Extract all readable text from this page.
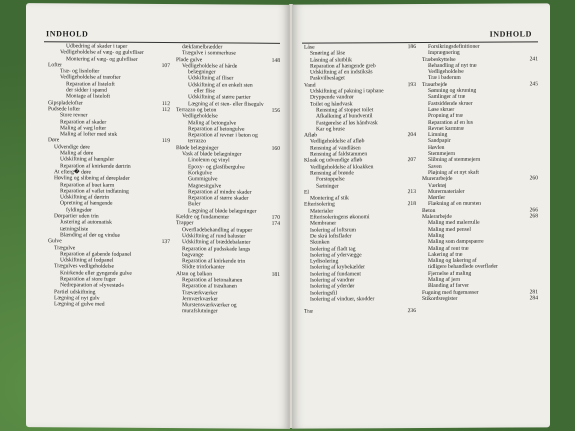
INDHOLD
Udbedring af skader i taper
Vedligeholdelse af væg- og gulvfliser
Montering af væg- og gulvfliser
Lofter	107
Træ- og lisnlofter
Vedligeholdelse af træofter
Reparation af listeloft
der sidder i spænd
Montage af listeloft
Gipspladelofter	112
Pudsede lofter	112
Store revner
Reparation af skader
Maling af væg lofter
Maling af lofter med stuk
Døre	119
Udvendige døre
Maling af døre
Udskiftning af hængsler
Reparation af knirkende dørtrin
At efterg� døre
Høvling og slibning af døreplader
Reparation af buet karm
Reparation af vaflet indfatning
Udskiftning af dørtrin
Opretning af hængende
fyldingsdør
Dørpartier uden trin
Justering af automatisk
tætningsliste
Blænding af dør og vindue
Gulve	137
Trægulve
Reparation af gabende fodpanel
Udskiftning af fodpanel
Trægulves vedligeholdelse
Knirkende eller gyngende gulve
Reparation af store fuger
Nedreparation af »fyvestød«
Partiel udskiftning
Lægning af nyt gulv
Lægning af gulve med
dækfamelbrædder
Trægulve i sommerhuse
Plade gulve	148
Vedligeholdelse af hårde
belægninger
Udskiftning af fliser
Udskiftning af en enkelt sten
eller flise
Udskiftning af større partier
Lægning af et sten- eller flisegulv
Terrazzo og beton	156
Vedligeholdelse
Maling af betongulve
Reparation af betongulve
Reparation af revner i beton og
terrazzo
Bløde belægninger	160
Vask af bløde belægninger
Linoleum og vinyl
Epoxy- og glasfibergulve
Korkgulve
Gummigulve
Magnesitgulve
Reparation af mindre skader
Reparation af større skader
Buler
Lægning af bløde belægninger
Kældre og fundamenter	170
Trapper	174
Overfladebehandling af trapper
Udskiftning af rund baluster
Udskiftning af bræddebalanter
Reparation af pudsskade langs
bagvange
Reparation af knirkende trin
Slidte trinforkanter
Altan og balkon	181
Reparation af betonaltanen
Reparation af træaltanen
Træværkværker
Jernværkværker
Murstensværkværker og
murafslutninger
INDHOLD
Låse	186
Smøring af låse
Låsning af slutblik
Reparation af hængende greb
Udskiftning af en indstiksås
Paskvilbeslaget
Vand	193
Udskiftning af pakning i taphane
Dryppende vandrør
Toilet og håndvask
Rensning af stoppet toilet
Afkalkning af bundventil
Fastgørelse af løs håndvask
Kar og bruse
Afløb	204
Vedligeholdelse af afløb
Rensning af vandlåsen
Rensning af faldstammen
Kloak og udvendige afløb	207
Vedligeholdelse af kloakken
Rensning af brønde
Forstoppelse
Sætninger
El	213
Montering af stik
Efterisolering	218
Materialer
Efterisoleringens økonomi
Membraner
Isolering af loftsrum
De skrå loftsflader
Skunken
Isolering af fladt tag
Isolering af ydervægge
Lydisolering
Isolering af krybekælder
Isolering af fundament
Isolering af vandrør
Isolering af yderdør
Isoleringsfil
Isolering af vinduer, skodder
Træ	236
Forsikringsdefinitioner
Imprægnering
Træbeskyttelse	241
Behandling af nyt træ
Vedligeholdelse
Træ i baderum
Træarbejde	245
Sømning og skruning
Samlinger af træ
Fastsiddende skruer
Løse skruer
Propning af træ
Reparation af en lus
Revnet karmtræ
Limning
Sandpapir
Høvlen
Stemmejern
Slibning af stemmejern
Saven
Pløjning af et nyt skaft
Murerarbejde	260
Værktøj
Murermaterialer
Mørtler
Flækning af en mursten
Beton	266
Malerarbejde	268
Maling med malerrulle
Maling med pensel
Maling
Maling som dampspærre
Maling af rent træ
Lakering af træ
Maling og lakering af
tidligere behandlede overflader
Fjernelse af maling
Maling af jern
Blanding af farver
Fugning med fugemasser	281
Stikordsregister	284
